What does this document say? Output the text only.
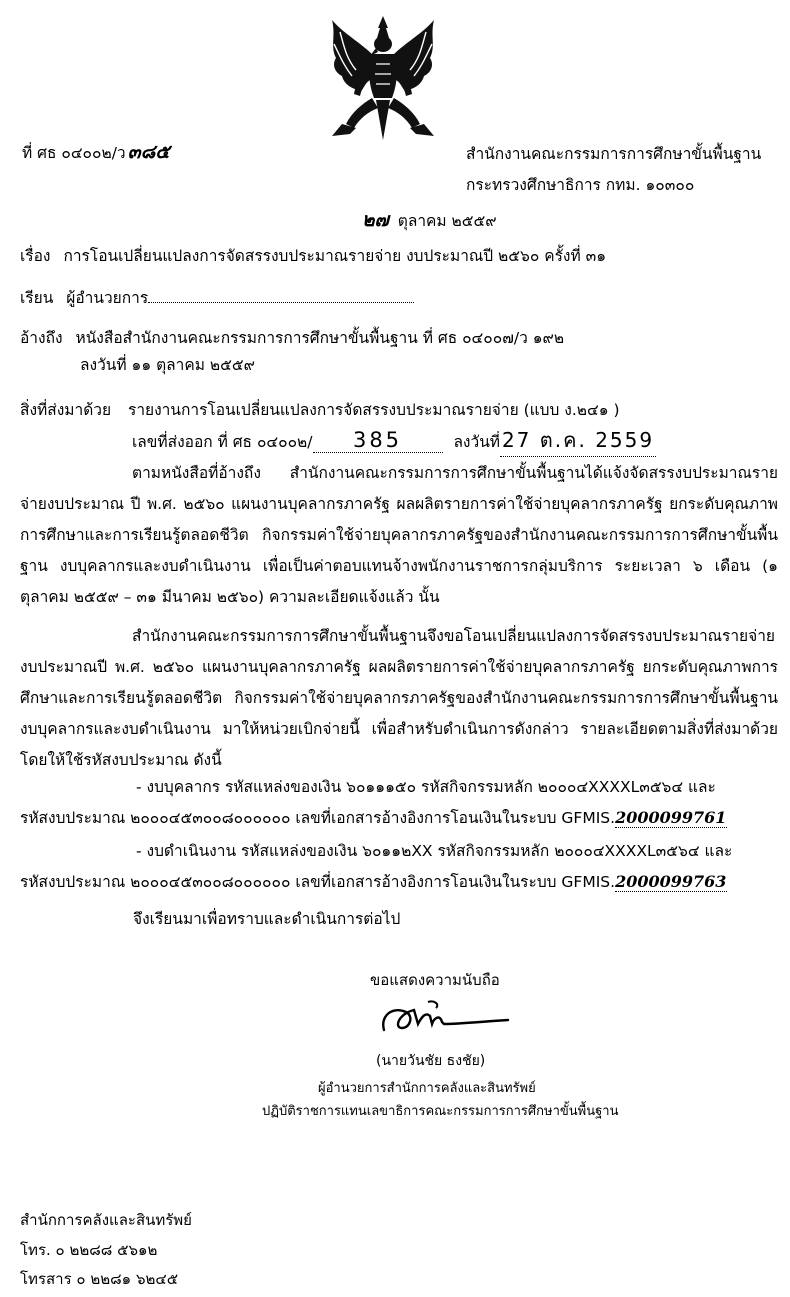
ที่ ศธ ๐๔๐๐๒/ว ๓๘๕	สำนักงานคณะกรรมการการศึกษาขั้นพื้นฐาน
กระทรวงศึกษาธิการ กทม. ๑๐๓๐๐
๒๗ ตุลาคม ๒๕๕๙
เรื่อง การโอนเปลี่ยนแปลงการจัดสรรงบประมาณรายจ่าย งบประมาณปี ๒๕๖๐ ครั้งที่ ๓๑
เรียน ผู้อำนวยการ
อ้างถึง หนังสือสำนักงานคณะกรรมการการศึกษาขั้นพื้นฐาน ที่ ศธ ๐๔๐๐๗/ว ๑๙๒
ลงวันที่ ๑๑ ตุลาคม ๒๕๕๙
สิ่งที่ส่งมาด้วย รายงานการโอนเปลี่ยนแปลงการจัดสรรงบประมาณรายจ่าย (แบบ ง.๒๔๑ )
เลขที่ส่งออก ที่ ศธ ๐๔๐๐๒/ 385	ลงวันที่27 ต.ค. 2559
ตามหนังสือที่อ้างถึง สำนักงานคณะกรรมการการศึกษาขั้นพื้นฐานได้แจ้งจัดสรรงบประมาณรายจ่ายงบประมาณ ปี พ.ศ. ๒๕๖๐ แผนงานบุคลากรภาครัฐ ผลผลิตรายการค่าใช้จ่ายบุคลากรภาครัฐ ยกระดับคุณภาพการศึกษาและการเรียนรู้ตลอดชีวิต กิจกรรมค่าใช้จ่ายบุคลากรภาครัฐของสำนักงานคณะกรรมการการศึกษาขั้นพื้นฐาน งบบุคลากรและงบดำเนินงาน เพื่อเป็นค่าตอบแทนจ้างพนักงานราชการกลุ่มบริการ ระยะเวลา ๖ เดือน (๑ ตุลาคม ๒๕๕๙ – ๓๑ มีนาคม ๒๕๖๐) ความละเอียดแจ้งแล้ว นั้น
สำนักงานคณะกรรมการการศึกษาขั้นพื้นฐานจึงขอโอนเปลี่ยนแปลงการจัดสรรงบประมาณรายจ่าย งบประมาณปี พ.ศ. ๒๕๖๐ แผนงานบุคลากรภาครัฐ ผลผลิตรายการค่าใช้จ่ายบุคลากรภาครัฐ ยกระดับคุณภาพการศึกษาและการเรียนรู้ตลอดชีวิต กิจกรรมค่าใช้จ่ายบุคลากรภาครัฐของสำนักงานคณะกรรมการการศึกษาขั้นพื้นฐาน งบบุคลากรและงบดำเนินงาน มาให้หน่วยเบิกจ่ายนี้ เพื่อสำหรับดำเนินการดังกล่าว รายละเอียดตามสิ่งที่ส่งมาด้วย โดยให้ใช้รหัสงบประมาณ ดังนี้
- งบบุคลากร รหัสแหล่งของเงิน ๖๐๑๑๑๕๐ รหัสกิจกรรมหลัก ๒๐๐๐๔XXXXL๓๕๖๔ และ
รหัสงบประมาณ ๒๐๐๐๔๕๓๐๐๘๐๐๐๐๐๐ เลขที่เอกสารอ้างอิงการโอนเงินในระบบ GFMIS.2000099761
- งบดำเนินงาน รหัสแหล่งของเงิน ๖๐๑๑๒XX รหัสกิจกรรมหลัก ๒๐๐๐๔XXXXL๓๕๖๔ และ
รหัสงบประมาณ ๒๐๐๐๔๕๓๐๐๘๐๐๐๐๐๐ เลขที่เอกสารอ้างอิงการโอนเงินในระบบ GFMIS.2000099763
จึงเรียนมาเพื่อทราบและดำเนินการต่อไป
ขอแสดงความนับถือ
(นายวันชัย ธงชัย)
ผู้อำนวยการสำนักการคลังและสินทรัพย์
ปฏิบัติราชการแทนเลขาธิการคณะกรรมการการศึกษาขั้นพื้นฐาน
สำนักการคลังและสินทรัพย์
โทร. ๐ ๒๒๘๘ ๕๖๑๒
โทรสาร ๐ ๒๒๘๑ ๖๒๔๕
